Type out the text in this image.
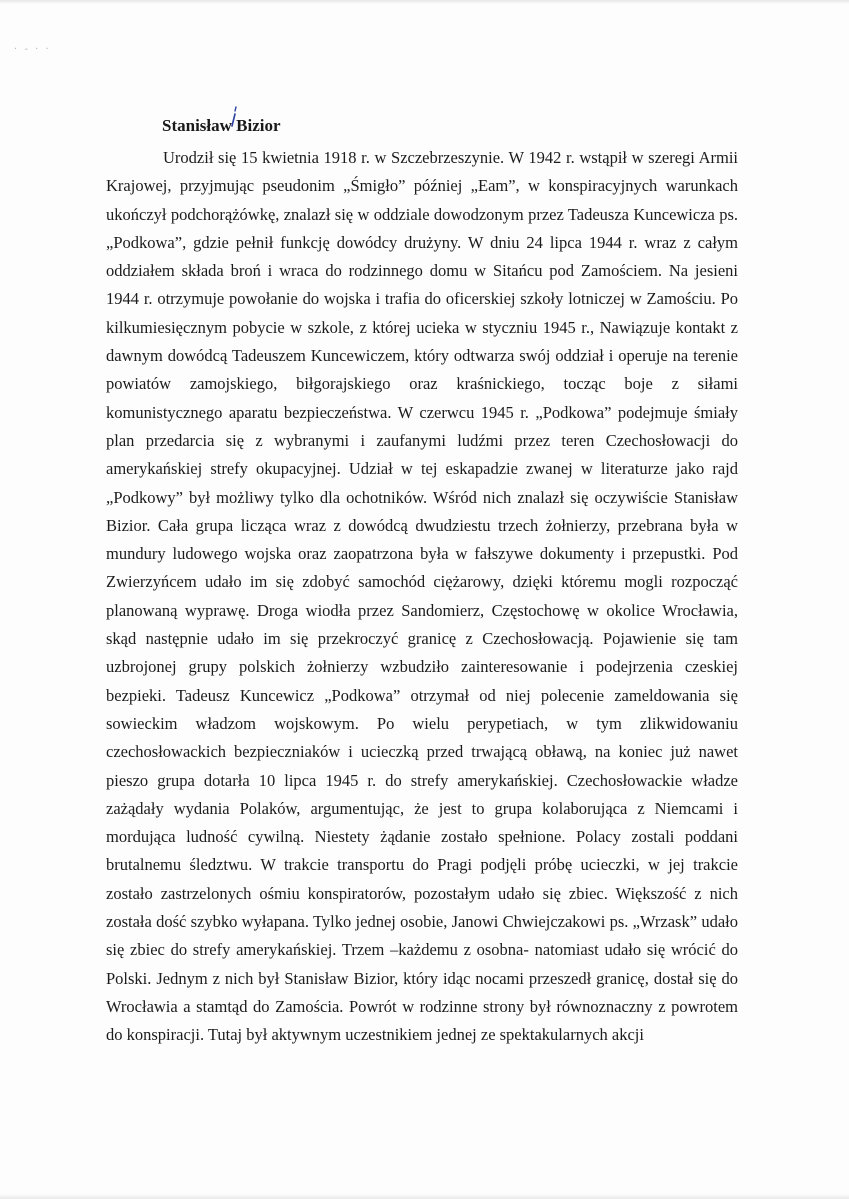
· - · ·
Stanisław Bizior

Urodził się 15 kwietnia 1918 r. w Szczebrzeszynie. W 1942 r. wstąpił w szeregi Armii Krajowej, przyjmując pseudonim „Śmigło” później „Eam”, w konspiracyjnych warunkach ukończył podchorążówkę, znalazł się w oddziale dowodzonym przez Tadeusza Kuncewicza ps. „Podkowa”, gdzie pełnił funkcję dowódcy drużyny. W dniu 24 lipca 1944 r. wraz z całym oddziałem składa broń i wraca do rodzinnego domu w Sitańcu pod Zamościem. Na jesieni 1944 r. otrzymuje powołanie do wojska i trafia do oficerskiej szkoły lotniczej w Zamościu. Po kilkumiesięcznym pobycie w szkole, z której ucieka w styczniu 1945 r., Nawiązuje kontakt z dawnym dowódcą Tadeuszem Kuncewiczem, który odtwarza swój oddział i operuje na terenie powiatów zamojskiego, biłgorajskiego oraz kraśnickiego, tocząc boje z siłami komunistycznego aparatu bezpieczeństwa. W czerwcu 1945 r. „Podkowa” podejmuje śmiały plan przedarcia się z wybranymi i zaufanymi ludźmi przez teren Czechosłowacji do amerykańskiej strefy okupacyjnej. Udział w tej eskapadzie zwanej w literaturze jako rajd „Podkowy” był możliwy tylko dla ochotników. Wśród nich znalazł się oczywiście Stanisław Bizior. Cała grupa licząca wraz z dowódcą dwudziestu trzech żołnierzy, przebrana była w mundury ludowego wojska oraz zaopatrzona była w fałszywe dokumenty i przepustki. Pod Zwierzyńcem udało im się zdobyć samochód ciężarowy, dzięki któremu mogli rozpocząć planowaną wyprawę. Droga wiodła przez Sandomierz, Częstochowę w okolice Wrocławia, skąd następnie udało im się przekroczyć granicę z Czechosłowacją. Pojawienie się tam uzbrojonej grupy polskich żołnierzy wzbudziło zainteresowanie i podejrzenia czeskiej bezpieki. Tadeusz Kuncewicz „Podkowa” otrzymał od niej polecenie zameldowania się sowieckim władzom wojskowym. Po wielu perypetiach, w tym zlikwidowaniu czechosłowackich bezpieczniaków i ucieczką przed trwającą obławą, na koniec już nawet pieszo grupa dotarła 10 lipca 1945 r. do strefy amerykańskiej. Czechosłowackie władze zażądały wydania Polaków, argumentując, że jest to grupa kolaborująca z Niemcami i mordująca ludność cywilną. Niestety żądanie zostało spełnione. Polacy zostali poddani brutalnemu śledztwu. W trakcie transportu do Pragi podjęli próbę ucieczki, w jej trakcie zostało zastrzelonych ośmiu konspiratorów, pozostałym udało się zbiec. Większość z nich została dość szybko wyłapana. Tylko jednej osobie, Janowi Chwiejczakowi ps. „Wrzask” udało się zbiec do strefy amerykańskiej. Trzem –każdemu z osobna- natomiast udało się wrócić do Polski. Jednym z nich był Stanisław Bizior, który idąc nocami przeszedł granicę, dostał się do Wrocławia a stamtąd do Zamościa. Powrót w rodzinne strony był równoznaczny z powrotem do konspiracji. Tutaj był aktywnym uczestnikiem jednej ze spektakularnych akcji
